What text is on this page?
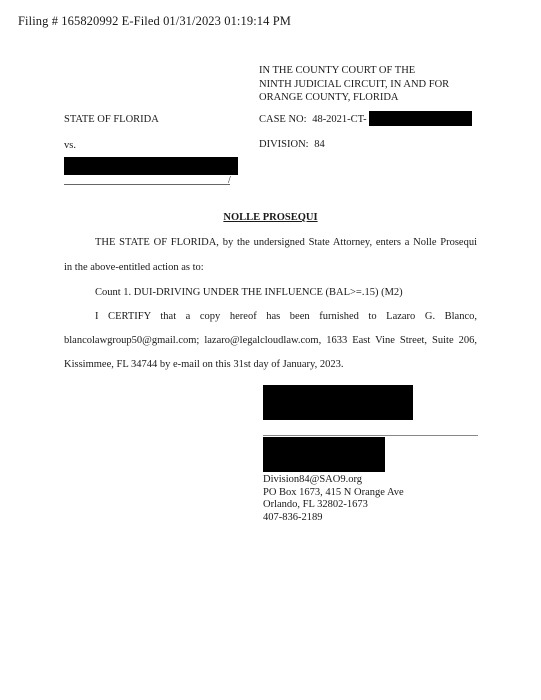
Filing # 165820992 E-Filed 01/31/2023 01:19:14 PM
IN THE COUNTY COURT OF THE
NINTH JUDICIAL CIRCUIT, IN AND FOR
ORANGE COUNTY, FLORIDA
STATE OF FLORIDA	CASE NO: 48-2021-CT-
vs.	DIVISION: 84
/
NOLLE PROSEQUI
THE STATE OF FLORIDA, by the undersigned State Attorney, enters a Nolle Prosequi
in the above-entitled action as to:
Count 1. DUI-DRIVING UNDER THE INFLUENCE (BAL>=.15) (M2)
I CERTIFY that a copy hereof has been furnished to Lazaro G. Blanco,
blancolawgroup50@gmail.com; lazaro@legalcloudlaw.com, 1633 East Vine Street, Suite 206,
Kissimmee, FL 34744 by e-mail on this 31st day of January, 2023.
Division84@SAO9.org
PO Box 1673, 415 N Orange Ave
Orlando, FL 32802-1673
407-836-2189
